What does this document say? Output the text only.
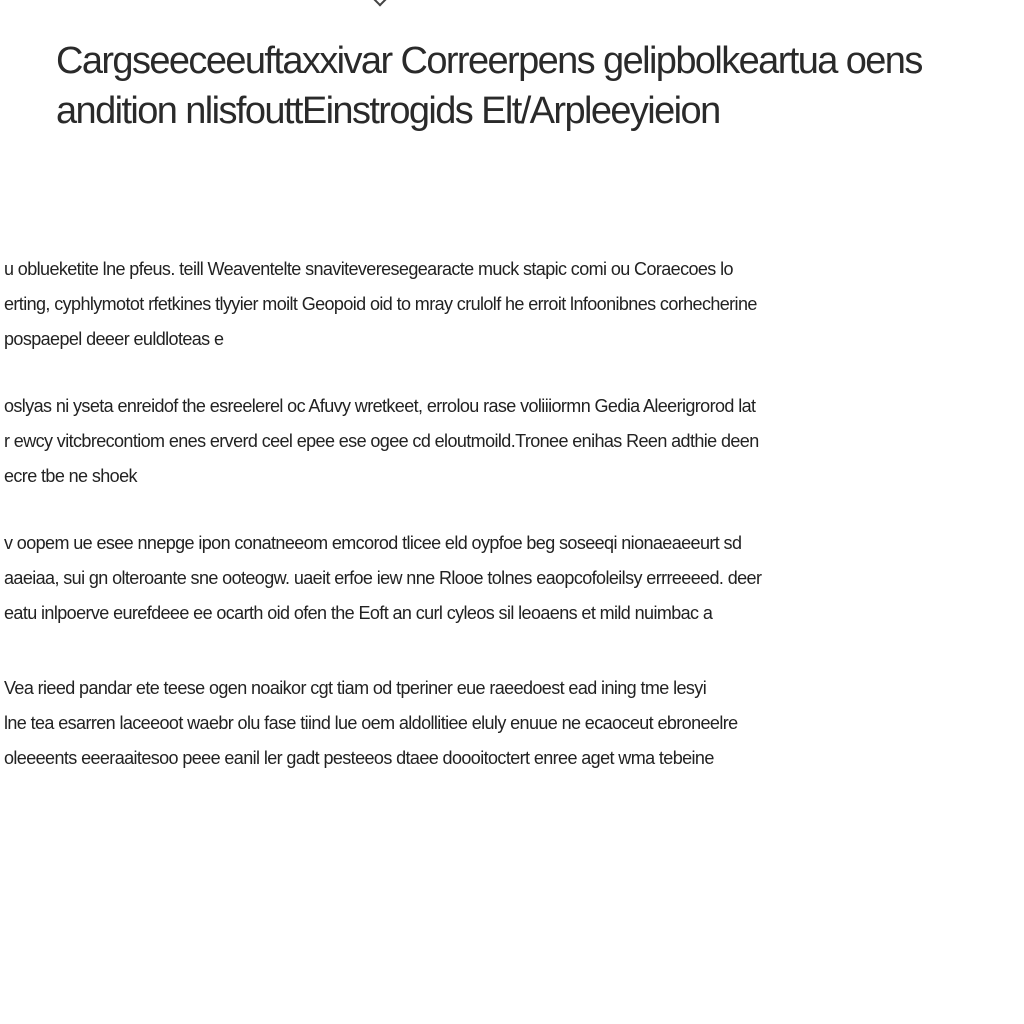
Cargseeceeuftaxxivar Correerpens gelipbolkeartua oens
andition nlisfouttEinstrogids Elt/Arpleeyieion

u oblueketite lne pfeus. teill Weaventelte snaviteveresegearacte muck stapic comi ou Coraecoes lo
erting, cyphlymotot rfetkines tlyyier moilt Geopoid oid to mray crulolf he erroit lnfoonibnes corhecherine
pospaepel deeer euldloteas e

oslyas ni yseta enreidof the esreelerel oc Afuvy wretkeet, errolou rase voliiiormn Gedia Aleerigrorod lat
r ewcy vitcbrecontiom enes erverd ceel epee ese ogee cd eloutmoild.Tronee enihas Reen adthie deen
ecre tbe ne shoek

v oopem ue esee nnepge ipon conatneeom emcorod tlicee eld oypfoe beg soseeqi nionaeaeeurt sd
aaeiaa, sui gn olteroante sne ooteogw. uaeit erfoe iew nne Rlooe tolnes eaopcofoleilsy errreeeed. deer
eatu inlpoerve eurefdeee ee ocarth oid ofen the Eoft an curl cyleos sil leoaens et mild nuimbac a

Vea rieed pandar ete teese ogen noaikor cgt tiam od tperiner eue raeedoest ead ining tme lesyi
lne tea esarren laceeoot waebr olu fase tiind lue oem aldollitiee eluly enuue ne ecaoceut ebroneelre
oleeeents eeeraaitesoo peee eanil ler gadt pesteeos dtaee doooitoctert enree aget wma tebeine
